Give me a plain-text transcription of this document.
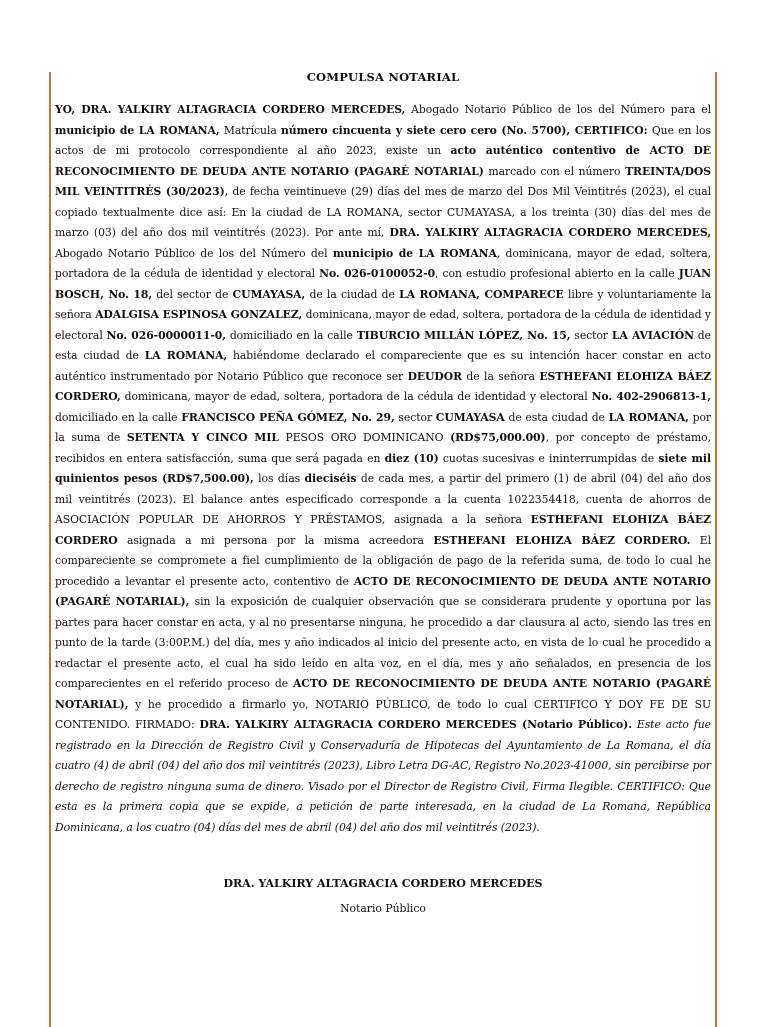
COMPULSA NOTARIAL
YO, DRA. YALKIRY ALTAGRACIA CORDERO MERCEDES, Abogado Notario Público de los del Número para el municipio de LA ROMANA, Matrícula número cincuenta y siete cero cero (No. 5700), CERTIFICO: Que en los actos de mi protocolo correspondiente al año 2023, existe un acto auténtico contentivo de ACTO DE RECONOCIMIENTO DE DEUDA ANTE NOTARIO (PAGARÉ NOTARIAL) marcado con el número TREINTA/DOS MIL VEINTITRÉS (30/2023), de fecha veintinueve (29) días del mes de marzo del Dos Mil Veintitrés (2023), el cual copiado textualmente dice así: En la ciudad de LA ROMANA, sector CUMAYASA, a los treinta (30) días del mes de marzo (03) del año dos mil veintitrés (2023). Por ante mí, DRA. YALKIRY ALTAGRACIA CORDERO MERCEDES, Abogado Notario Público de los del Número del municipio de LA ROMANA, dominicana, mayor de edad, soltera, portadora de la cédula de identidad y electoral No. 026-0100052-0, con estudio profesional abierto en la calle JUAN BOSCH, No. 18, del sector de CUMAYASA, de la ciudad de LA ROMANA, COMPARECE libre y voluntariamente la señora ADALGISA ESPINOSA GONZALEZ, dominicana, mayor de edad, soltera, portadora de la cédula de identidad y electoral No. 026-0000011-0, domiciliado en la calle TIBURCIO MILLÁN LÓPEZ, No. 15, sector LA AVIACIÓN de esta ciudad de LA ROMANA, habiéndome declarado el compareciente que es su intención hacer constar en acto auténtico instrumentado por Notario Público que reconoce ser DEUDOR de la señora ESTHEFANI ELOHIZA BÁEZ CORDERO, dominicana, mayor de edad, soltera, portadora de la cédula de identidad y electoral No. 402-2906813-1, domiciliado en la calle FRANCISCO PEÑA GÓMEZ, No. 29, sector CUMAYASA de esta ciudad de LA ROMANA, por la suma de SETENTA Y CINCO MIL PESOS ORO DOMINICANO (RD$75,000.00), por concepto de préstamo, recibidos en entera satisfacción, suma que será pagada en diez (10) cuotas sucesivas e ininterrumpidas de siete mil quinientos pesos (RD$7,500.00), los días dieciséis de cada mes, a partir del primero (1) de abril (04) del año dos mil veintitrés (2023). El balance antes especificado corresponde a la cuenta 1022354418, cuenta de ahorros de ASOCIACIÓN POPULAR DE AHORROS Y PRÉSTAMOS, asignada a la señora ESTHEFANI ELOHIZA BÁEZ CORDERO asignada a mi persona por la misma acreedora ESTHEFANI ELOHIZA BÁEZ CORDERO. El compareciente se compromete a fiel cumplimiento de la obligación de pago de la referida suma, de todo lo cual he procedido a levantar el presente acto, contentivo de ACTO DE RECONOCIMIENTO DE DEUDA ANTE NOTARIO (PAGARÉ NOTARIAL), sin la exposición de cualquier observación que se considerara prudente y oportuna por las partes para hacer constar en acta, y al no presentarse ninguna, he procedido a dar clausura al acto, siendo las tres en punto de la tarde (3:00P.M.) del día, mes y año indicados al inicio del presente acto, en vista de lo cual he procedido a redactar el presente acto, el cual ha sido leído en alta voz, en el día, mes y año señalados, en presencia de los comparecientes en el referido proceso de ACTO DE RECONOCIMIENTO DE DEUDA ANTE NOTARIO (PAGARÉ NOTARIAL), y he procedido a firmarlo yo, NOTARIO PÚBLICO, de todo lo cual CERTIFICO Y DOY FE DE SU CONTENIDO. FIRMADO: DRA. YALKIRY ALTAGRACIA CORDERO MERCEDES (Notario Público). Este acto fue registrado en la Dirección de Registro Civil y Conservaduría de Hipotecas del Ayuntamiento de La Romana, el día cuatro (4) de abril (04) del año dos mil veintitrés (2023), Libro Letra DG-AC, Registro No.2023-41000, sin percibirse por derecho de registro ninguna suma de dinero. Visado por el Director de Registro Civil, Firma Ilegible. CERTIFICO: Que esta es la primera copia que se expide, a petición de parte interesada, en la ciudad de La Romana, República Dominicana, a los cuatro (04) días del mes de abril (04) del año dos mil veintitrés (2023).
DRA. YALKIRY ALTAGRACIA CORDERO MERCEDES
Notario Público
